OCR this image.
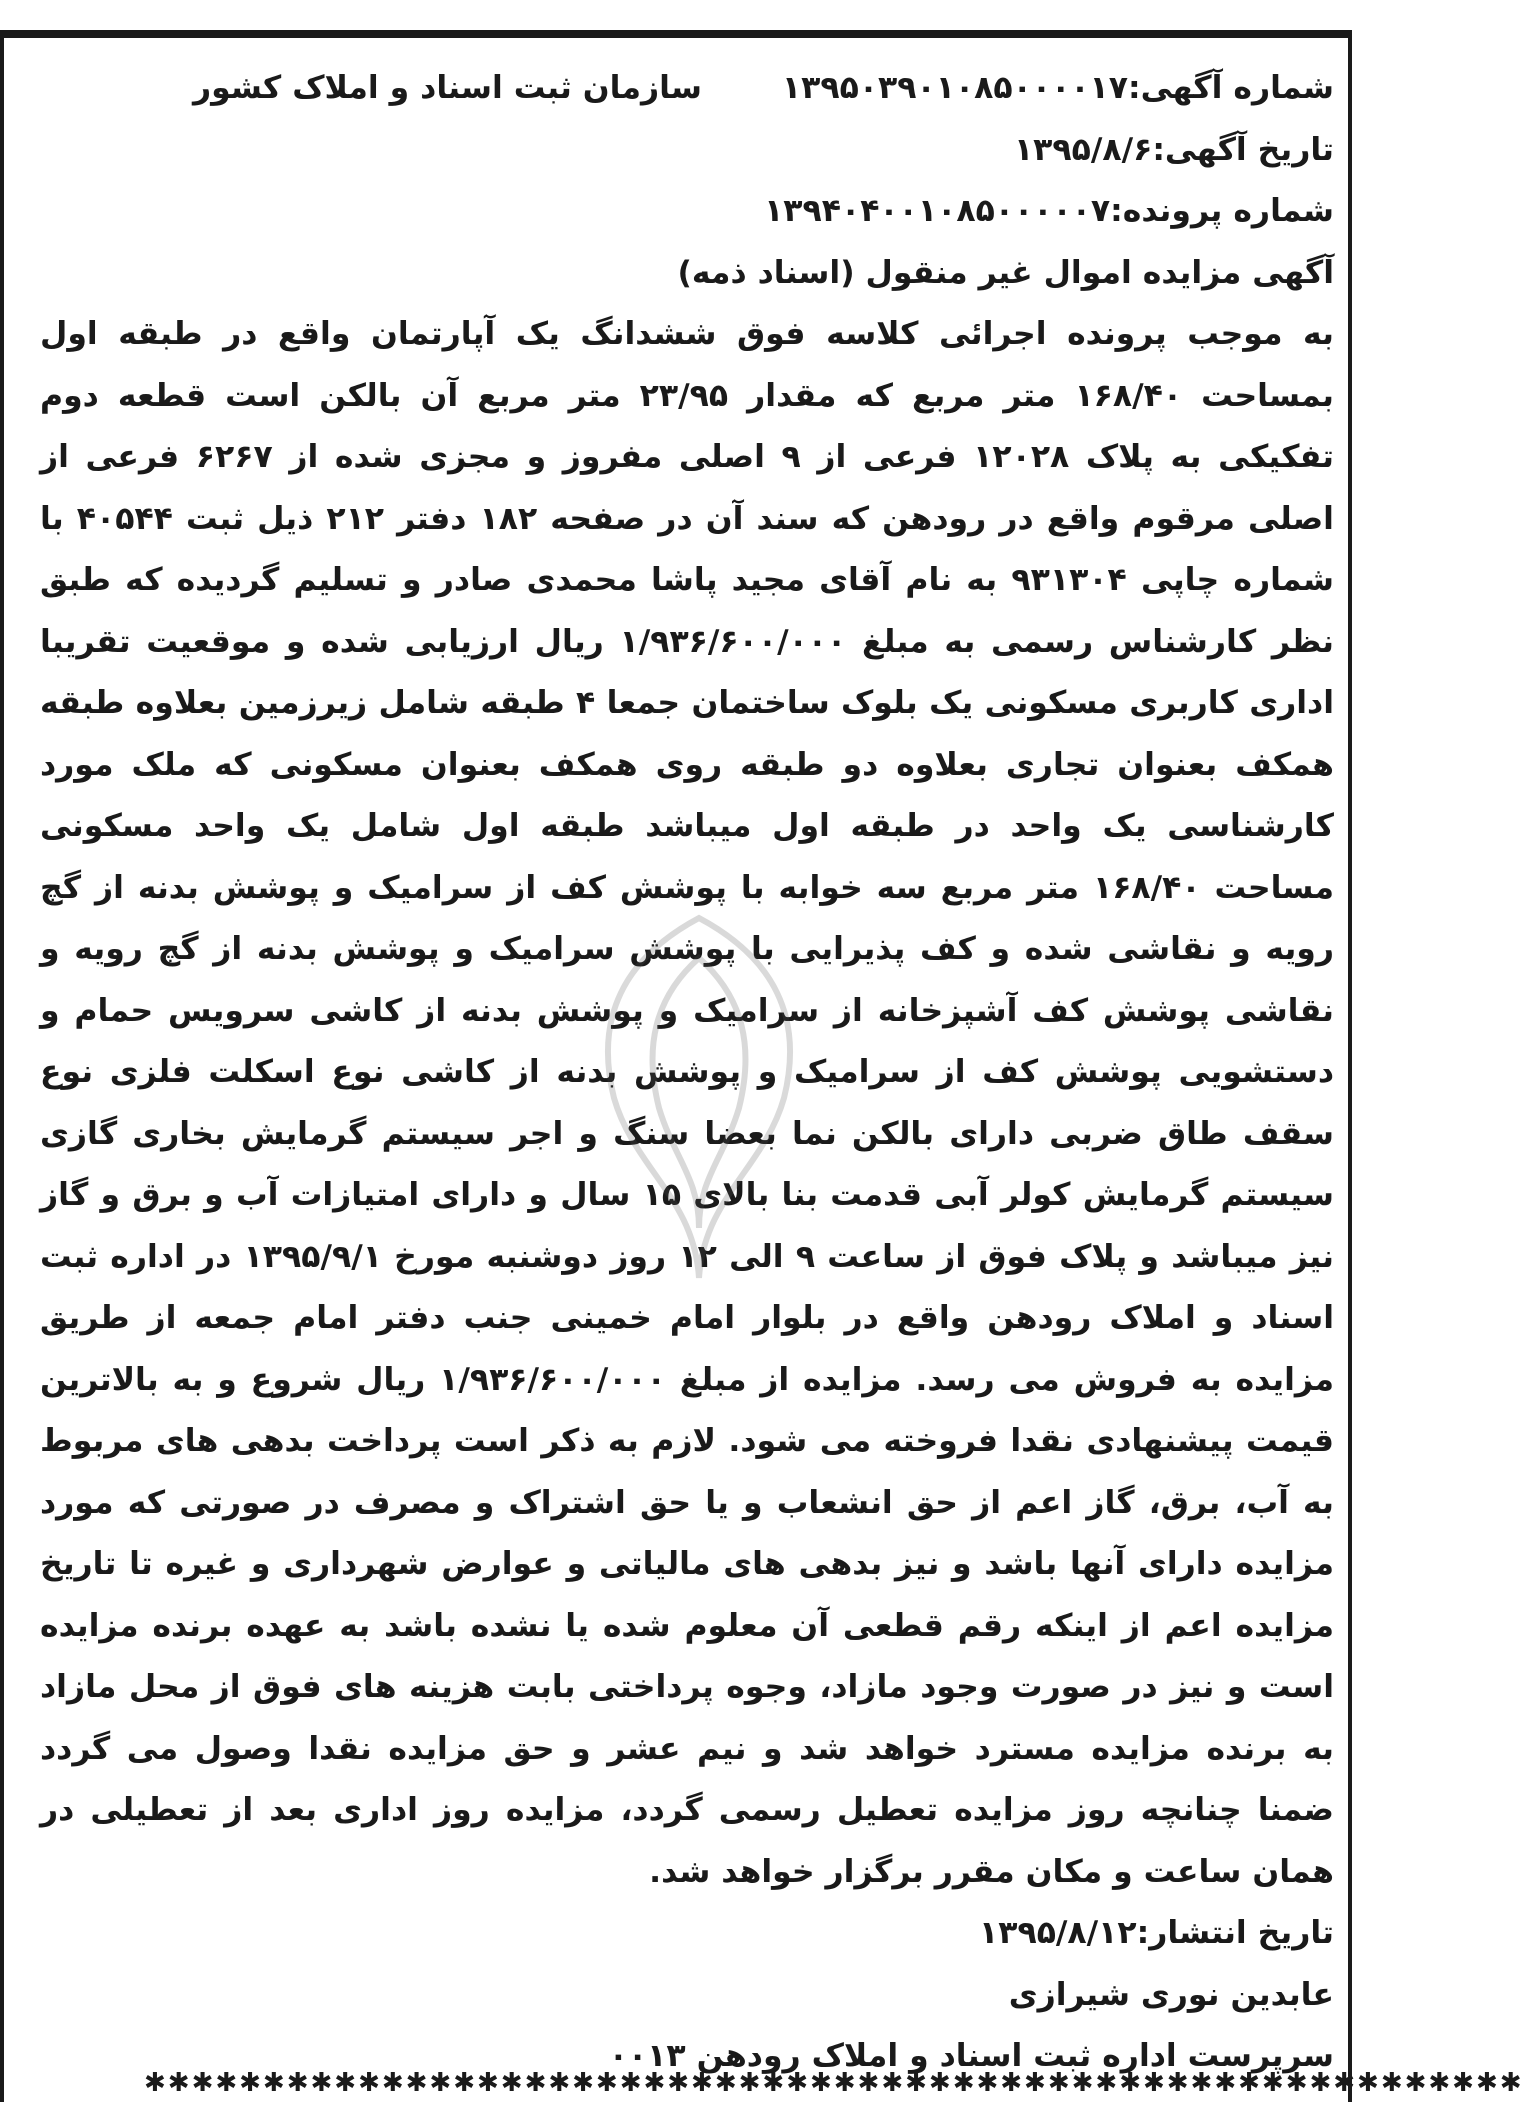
شماره آگهی:۱۳۹۵۰۳۹۰۱۰۸۵۰۰۰۰۱۷
سازمان ثبت اسناد و املاک کشور
تاریخ آگهی:۱۳۹۵/۸/۶
شماره پرونده:۱۳۹۴۰۴۰۰۱۰۸۵۰۰۰۰۰۷
آگهی مزایده اموال غیر منقول (اسناد ذمه)
به موجب پرونده اجرائی کلاسه فوق ششدانگ یک آپارتمان واقع در طبقه اول بمساحت ۱۶۸/۴۰ متر مربع که مقدار ۲۳/۹۵ متر مربع آن بالکن است قطعه دوم تفکیکی به پلاک ۱۲۰۲۸ فرعی از ۹ اصلی مفروز و مجزی شده از ۶۲۶۷ فرعی از اصلی مرقوم واقع در رودهن که سند آن در صفحه ۱۸۲ دفتر ۲۱۲ ذیل ثبت ۴۰۵۴۴ با شماره چاپی ۹۳۱۳۰۴ به نام آقای مجید پاشا محمدی صادر و تسلیم گردیده که طبق نظر کارشناس رسمی به مبلغ ۱/۹۳۶/۶۰۰/۰۰۰ ریال ارزیابی شده و موقعیت تقریبا اداری کاربری مسکونی یک بلوک ساختمان جمعا ۴ طبقه شامل زیرزمین بعلاوه طبقه همکف بعنوان تجاری بعلاوه دو طبقه روی همکف بعنوان مسکونی که ملک مورد کارشناسی یک واحد در طبقه اول میباشد طبقه اول شامل یک واحد مسکونی مساحت ۱۶۸/۴۰ متر مربع سه خوابه با پوشش کف از سرامیک و پوشش بدنه از گچ رویه و نقاشی شده و کف پذیرایی با پوشش سرامیک و پوشش بدنه از گچ رویه و نقاشی پوشش کف آشپزخانه از سرامیک و پوشش بدنه از کاشی سرویس حمام و دستشویی پوشش کف از سرامیک و پوشش بدنه از کاشی نوع اسکلت فلزی نوع سقف طاق ضربی دارای بالکن نما بعضا سنگ و اجر سیستم گرمایش بخاری گازی سیستم گرمایش کولر آبی قدمت بنا بالای ۱۵ سال و دارای امتیازات آب و برق و گاز نیز میباشد و پلاک فوق از ساعت ۹ الی ۱۲ روز دوشنبه مورخ ۱۳۹۵/۹/۱ در اداره ثبت اسناد و املاک رودهن واقع در بلوار امام خمینی جنب دفتر امام جمعه از طریق مزایده به فروش می رسد. مزایده از مبلغ ۱/۹۳۶/۶۰۰/۰۰۰ ریال شروع و به بالاترین قیمت پیشنهادی نقدا فروخته می شود. لازم به ذکر است پرداخت بدهی های مربوط به آب، برق، گاز اعم از حق انشعاب و یا حق اشتراک و مصرف در صورتی که مورد مزایده دارای آنها باشد و نیز بدهی های مالیاتی و عوارض شهرداری و غیره تا تاریخ مزایده اعم از اینکه رقم قطعی آن معلوم شده یا نشده باشد به عهده برنده مزایده است و نیز در صورت وجود مازاد، وجوه پرداختی بابت هزینه های فوق از محل مازاد به برنده مزایده مسترد خواهد شد و نیم عشر و حق مزایده نقدا وصول می گردد ضمنا چنانچه روز مزایده تعطیل رسمی گردد، مزایده روز اداری بعد از تعطیلی در همان ساعت و مکان مقرر برگزار خواهد شد.
تاریخ انتشار:۱۳۹۵/۸/۱۲
عابدین نوری شیرازی
سرپرست اداره ثبت اسناد و املاک رودهن ۰۰۱۳
✱✱✱✱✱✱✱✱✱✱✱✱✱✱✱✱✱✱✱✱✱✱✱✱✱✱✱✱✱✱✱✱✱✱✱✱✱✱✱✱✱✱✱✱✱✱✱✱✱✱✱✱✱✱✱✱✱✱
